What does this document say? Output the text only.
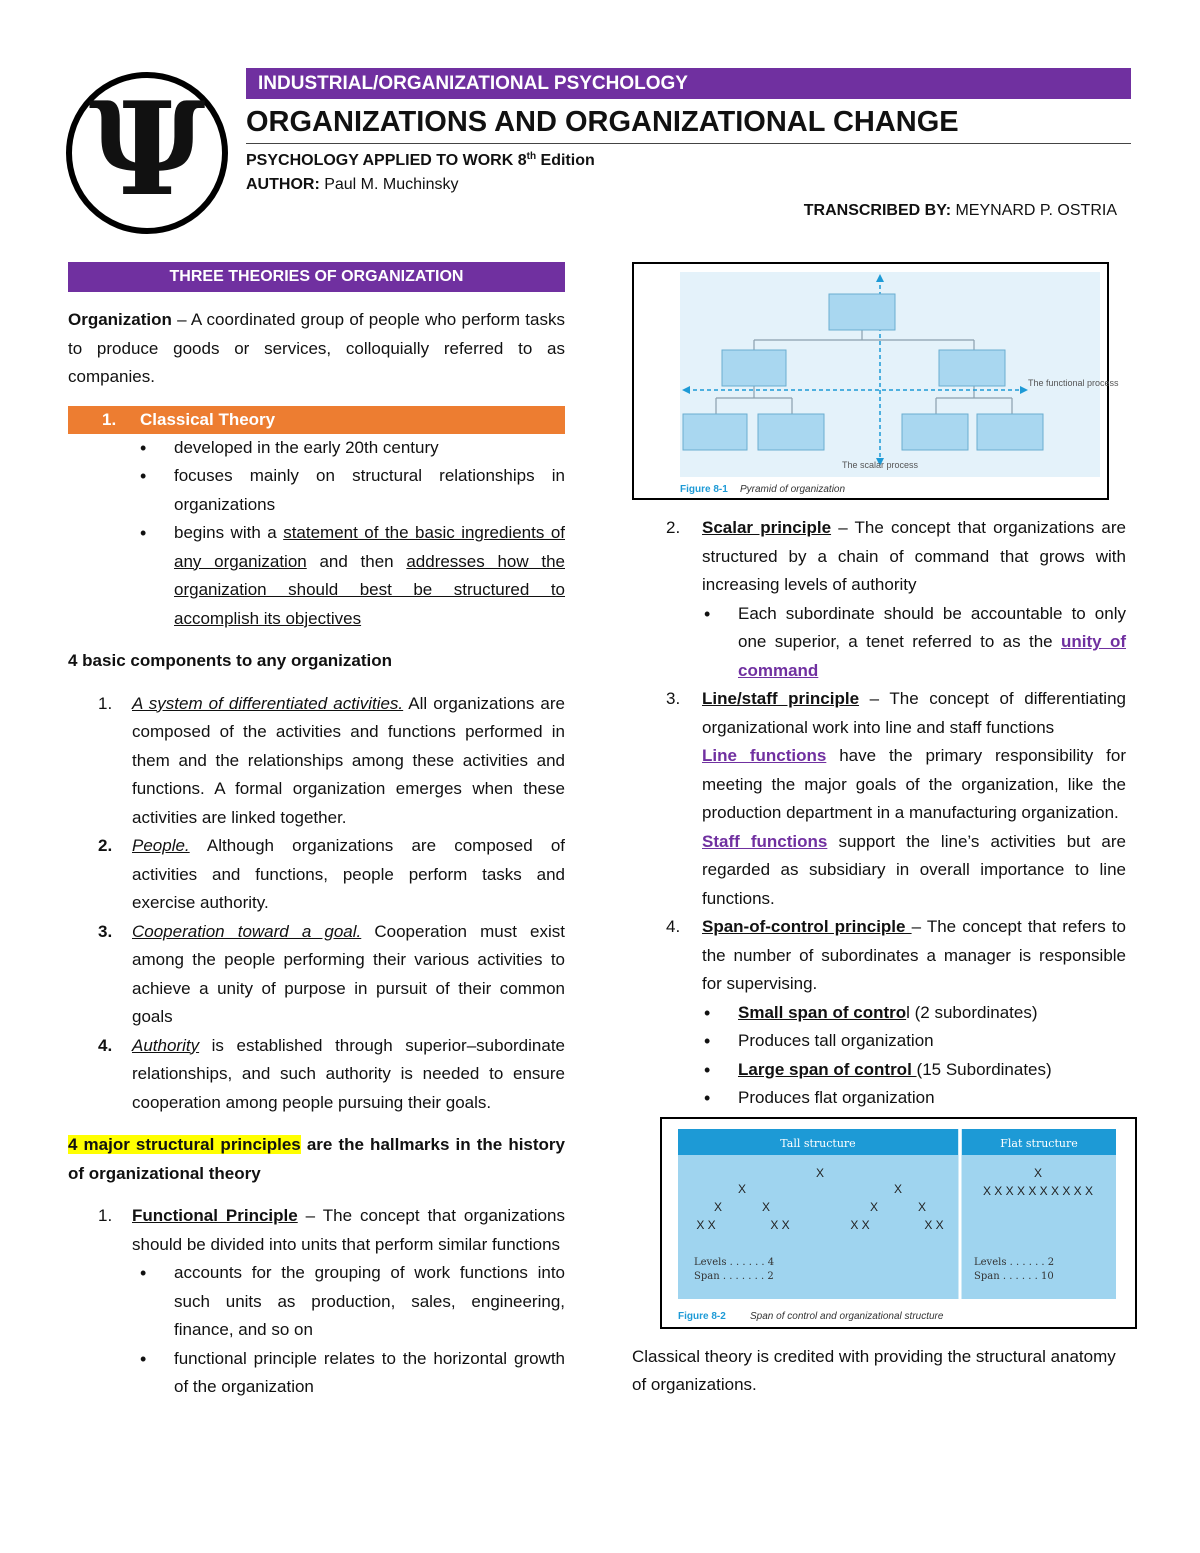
Ψ	INDUSTRIAL/ORGANIZATIONAL PSYCHOLOGY
ORGANIZATIONS AND ORGANIZATIONAL CHANGE
PSYCHOLOGY APPLIED TO WORK 8th Edition
AUTHOR: Paul M. Muchinsky
TRANSCRIBED BY: MEYNARD P. OSTRIA
THREE THEORIES OF ORGANIZATION

Organization – A coordinated group of people who perform tasks to produce goods or services, colloquially referred to as companies.

1. Classical Theory
• developed in the early 20th century
• focuses mainly on structural relationships in organizations
• begins with a statement of the basic ingredients of any organization and then addresses how the organization should best be structured to accomplish its objectives

4 basic components to any organization

1. A system of differentiated activities. All organizations are composed of the activities and functions performed in them and the relationships among these activities and functions. A formal organization emerges when these activities are linked together.
2. People. Although organizations are composed of activities and functions, people perform tasks and exercise authority.
3. Cooperation toward a goal. Cooperation must exist among the people performing their various activities to achieve a unity of purpose in pursuit of their common goals
4. Authority is established through superior–subordinate relationships, and such authority is needed to ensure cooperation among people pursuing their goals.

4 major structural principles are the hallmarks in the history of organizational theory

1. Functional Principle – The concept that organizations should be divided into units that perform similar functions
• accounts for the grouping of work functions into such units as production, sales, engineering, finance, and so on
• functional principle relates to the horizontal growth of the organization
The functional process
The scalar process
Figure 8-1 Pyramid of organization
2. Scalar principle – The concept that organizations are structured by a chain of command that grows with increasing levels of authority
• Each subordinate should be accountable to only one superior, a tenet referred to as the unity of command
3. Line/staff principle – The concept of differentiating organizational work into line and staff functions
Line functions have the primary responsibility for meeting the major goals of the organization, like the production department in a manufacturing organization.
Staff functions support the line’s activities but are regarded as subsidiary in overall importance to line functions.
4. Span-of-control principle – The concept that refers to the number of subordinates a manager is responsible for supervising.
• Small span of control (2 subordinates)
• Produces tall organization
• Large span of control (15 Subordinates)
• Produces flat organization
Tall structure	Flat structure
X
X	X
X	X	X	X
X X	X X	X X	X X
X
X X X X X X X X X X
Levels . . . . . . 4
Span . . . . . . . 2
Levels . . . . . . 2
Span . . . . . . 10
Figure 8-2 Span of control and organizational structure

Classical theory is credited with providing the structural anatomy of organizations.
